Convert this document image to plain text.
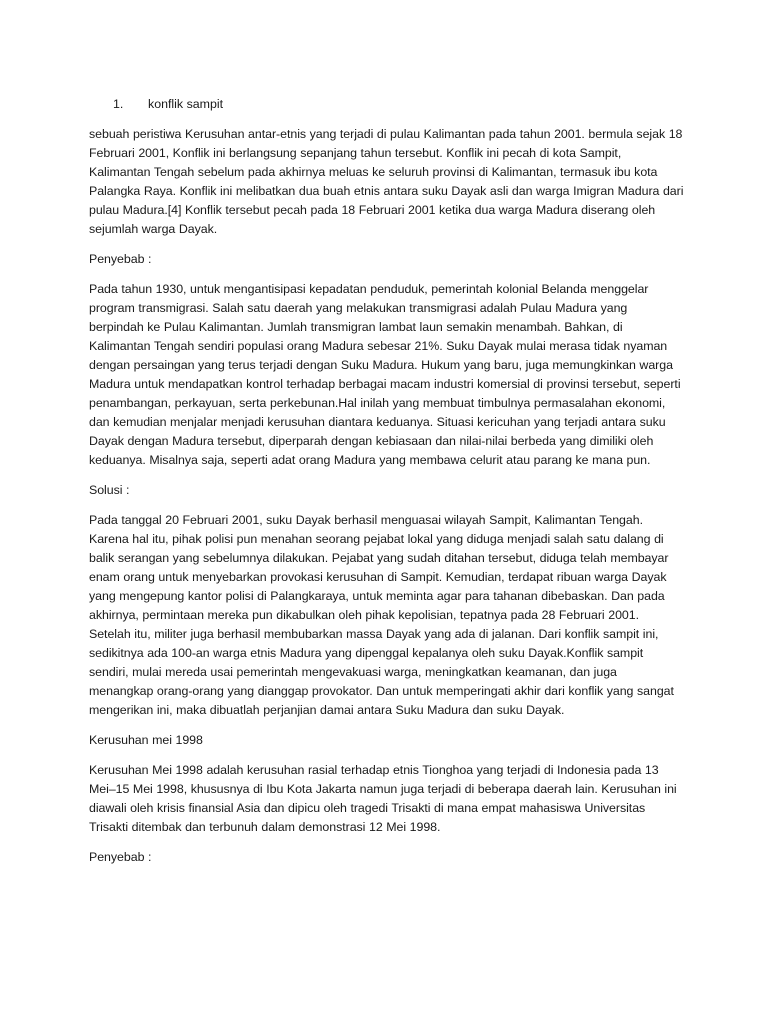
1.	konflik sampit

sebuah peristiwa Kerusuhan antar-etnis yang terjadi di pulau Kalimantan pada tahun 2001. bermula sejak 18 Februari 2001, Konflik ini berlangsung sepanjang tahun tersebut. Konflik ini pecah di kota Sampit, Kalimantan Tengah sebelum pada akhirnya meluas ke seluruh provinsi di Kalimantan, termasuk ibu kota Palangka Raya. Konflik ini melibatkan dua buah etnis antara suku Dayak asli dan warga Imigran Madura dari pulau Madura.[4] Konflik tersebut pecah pada 18 Februari 2001 ketika dua warga Madura diserang oleh sejumlah warga Dayak.

Penyebab :

Pada tahun 1930, untuk mengantisipasi kepadatan penduduk, pemerintah kolonial Belanda menggelar program transmigrasi. Salah satu daerah yang melakukan transmigrasi adalah Pulau Madura yang berpindah ke Pulau Kalimantan. Jumlah transmigran lambat laun semakin menambah. Bahkan, di Kalimantan Tengah sendiri populasi orang Madura sebesar 21%. Suku Dayak mulai merasa tidak nyaman dengan persaingan yang terus terjadi dengan Suku Madura. Hukum yang baru, juga memungkinkan warga Madura untuk mendapatkan kontrol terhadap berbagai macam industri komersial di provinsi tersebut, seperti penambangan, perkayuan, serta perkebunan.Hal inilah yang membuat timbulnya permasalahan ekonomi, dan kemudian menjalar menjadi kerusuhan diantara keduanya. Situasi kericuhan yang terjadi antara suku Dayak dengan Madura tersebut, diperparah dengan kebiasaan dan nilai-nilai berbeda yang dimiliki oleh keduanya. Misalnya saja, seperti adat orang Madura yang membawa celurit atau parang ke mana pun.

Solusi :

Pada tanggal 20 Februari 2001, suku Dayak berhasil menguasai wilayah Sampit, Kalimantan Tengah. Karena hal itu, pihak polisi pun menahan seorang pejabat lokal yang diduga menjadi salah satu dalang di balik serangan yang sebelumnya dilakukan. Pejabat yang sudah ditahan tersebut, diduga telah membayar enam orang untuk menyebarkan provokasi kerusuhan di Sampit. Kemudian, terdapat ribuan warga Dayak yang mengepung kantor polisi di Palangkaraya, untuk meminta agar para tahanan dibebaskan. Dan pada akhirnya, permintaan mereka pun dikabulkan oleh pihak kepolisian, tepatnya pada 28 Februari 2001. Setelah itu, militer juga berhasil membubarkan massa Dayak yang ada di jalanan. Dari konflik sampit ini, sedikitnya ada 100-an warga etnis Madura yang dipenggal kepalanya oleh suku Dayak.Konflik sampit sendiri, mulai mereda usai pemerintah mengevakuasi warga, meningkatkan keamanan, dan juga menangkap orang-orang yang dianggap provokator. Dan untuk memperingati akhir dari konflik yang sangat mengerikan ini, maka dibuatlah perjanjian damai antara Suku Madura dan suku Dayak.

Kerusuhan mei 1998

Kerusuhan Mei 1998 adalah kerusuhan rasial terhadap etnis Tionghoa yang terjadi di Indonesia pada 13 Mei–15 Mei 1998, khususnya di Ibu Kota Jakarta namun juga terjadi di beberapa daerah lain. Kerusuhan ini diawali oleh krisis finansial Asia dan dipicu oleh tragedi Trisakti di mana empat mahasiswa Universitas Trisakti ditembak dan terbunuh dalam demonstrasi 12 Mei 1998.

Penyebab :
